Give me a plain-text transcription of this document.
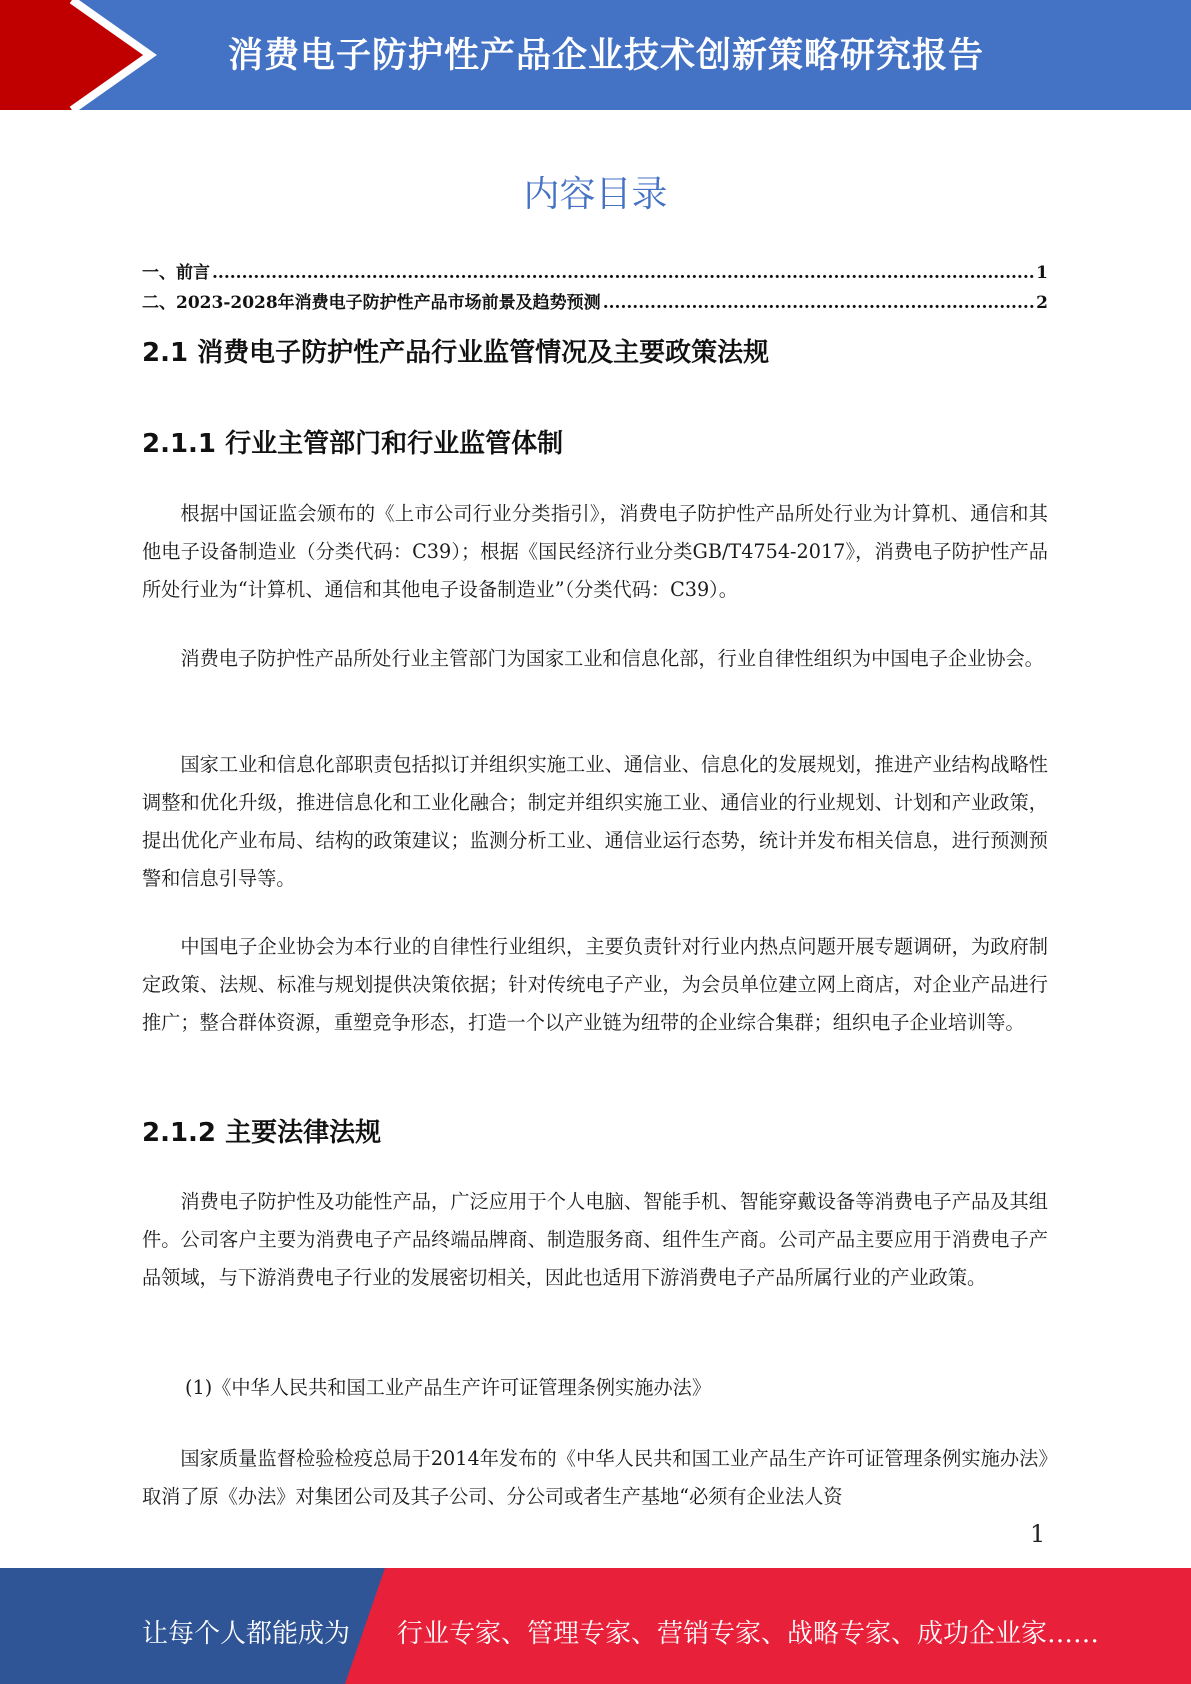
消费电子防护性产品企业技术创新策略研究报告
内容目录
一、前言 .....	1
二、2023-2028年消费电子防护性产品市场前景及趋势预测 .....	2
2.1 消费电子防护性产品行业监管情况及主要政策法规
2.1.1 行业主管部门和行业监管体制

根据中国证监会颁布的《上市公司行业分类指引》，消费电子防护性产品所处行业为计算机、通信和其他电子设备制造业（分类代码：C39）；根据《国民经济行业分类GB/T4754-2017》，消费电子防护性产品所处行业为“计算机、通信和其他电子设备制造业”（分类代码：C39）。

消费电子防护性产品所处行业主管部门为国家工业和信息化部，行业自律性组织为中国电子企业协会。

国家工业和信息化部职责包括拟订并组织实施工业、通信业、信息化的发展规划，推进产业结构战略性调整和优化升级，推进信息化和工业化融合；制定并组织实施工业、通信业的行业规划、计划和产业政策，提出优化产业布局、结构的政策建议；监测分析工业、通信业运行态势，统计并发布相关信息，进行预测预警和信息引导等。

中国电子企业协会为本行业的自律性行业组织，主要负责针对行业内热点问题开展专题调研，为政府制定政策、法规、标准与规划提供决策依据；针对传统电子产业，为会员单位建立网上商店，对企业产品进行推广；整合群体资源，重塑竞争形态，打造一个以产业链为纽带的企业综合集群；组织电子企业培训等。

2.1.2 主要法律法规

消费电子防护性及功能性产品，广泛应用于个人电脑、智能手机、智能穿戴设备等消费电子产品及其组件。公司客户主要为消费电子产品终端品牌商、制造服务商、组件生产商。公司产品主要应用于消费电子产品领域，与下游消费电子行业的发展密切相关，因此也适用下游消费电子产品所属行业的产业政策。

(1)《中华人民共和国工业产品生产许可证管理条例实施办法》

国家质量监督检验检疫总局于2014年发布的《中华人民共和国工业产品生产许可证管理条例实施办法》取消了原《办法》对集团公司及其子公司、分公司或者生产基地“必须有企业法人资

1
让每个人都能成为 行业专家、管理专家、营销专家、战略专家、成功企业家……
